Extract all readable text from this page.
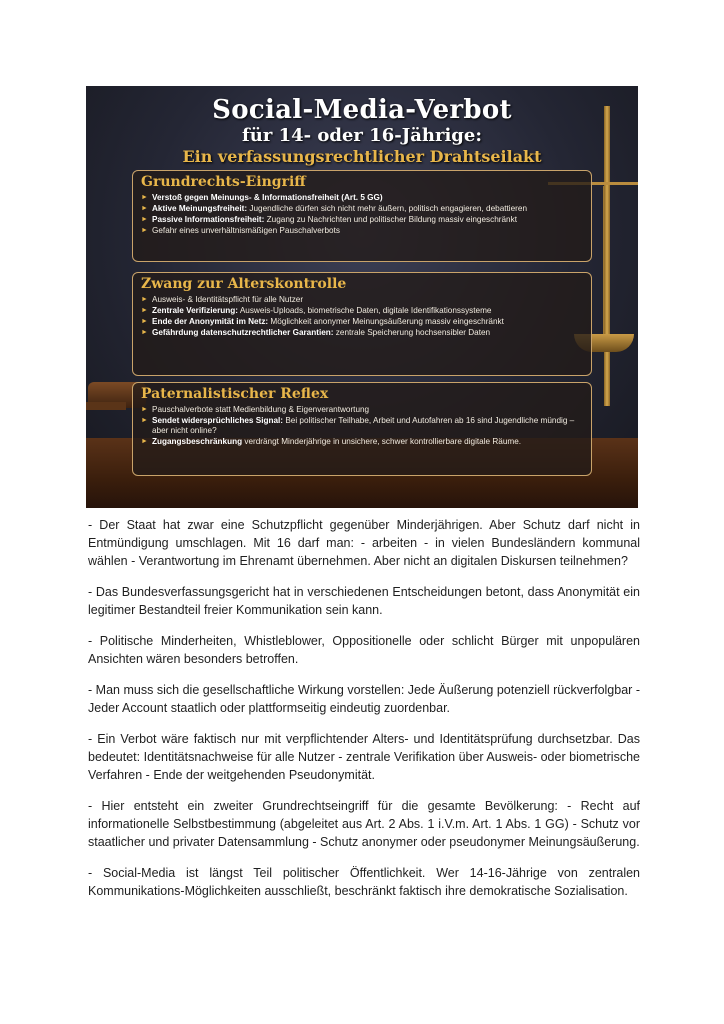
Social-Media-Verbot
für 14- oder 16-Jährige:
Ein verfassungsrechtlicher Drahtseilakt
Grundrechts-Eingriff
► Verstoß gegen Meinungs- & Informationsfreiheit (Art. 5 GG)
► Aktive Meinungsfreiheit: Jugendliche dürfen sich nicht mehr äußern, politisch engagieren, debattieren
► Passive Informationsfreiheit: Zugang zu Nachrichten und politischer Bildung massiv eingeschränkt
► Gefahr eines unverhältnismäßigen Pauschalverbots
Zwang zur Alterskontrolle
► Ausweis- & Identitätspflicht für alle Nutzer
► Zentrale Verifizierung: Ausweis-Uploads, biometrische Daten, digitale Identifikationssysteme
► Ende der Anonymität im Netz: Möglichkeit anonymer Meinungsäußerung massiv eingeschränkt
► Gefährdung datenschutzrechtlicher Garantien: zentrale Speicherung hochsensibler Daten
Paternalistischer Reflex
► Pauschalverbote statt Medienbildung & Eigenverantwortung
► Sendet widersprüchliches Signal: Bei politischer Teilhabe, Arbeit und Autofahren ab 16 sind Jugendliche mündig – aber nicht online?
► Zugangsbeschränkung verdrängt Minderjährige in unsichere, schwer kontrollierbare digitale Räume.

- Der Staat hat zwar eine Schutzpflicht gegenüber Minderjährigen. Aber Schutz darf nicht in Entmündigung umschlagen. Mit 16 darf man: - arbeiten - in vielen Bundesländern kommunal wählen - Verantwortung im Ehrenamt übernehmen. Aber nicht an digitalen Diskursen teilnehmen?

- Das Bundesverfassungsgericht hat in verschiedenen Entscheidungen betont, dass Anonymität ein legitimer Bestandteil freier Kommunikation sein kann.

- Politische Minderheiten, Whistleblower, Oppositionelle oder schlicht Bürger mit unpopulären Ansichten wären besonders betroffen.

- Man muss sich die gesellschaftliche Wirkung vorstellen: Jede Äußerung potenziell rückverfolgbar - Jeder Account staatlich oder plattformseitig eindeutig zuordenbar.

- Ein Verbot wäre faktisch nur mit verpflichtender Alters- und Identitätsprüfung durchsetzbar. Das bedeutet: Identitätsnachweise für alle Nutzer - zentrale Verifikation über Ausweis- oder biometrische Verfahren - Ende der weitgehenden Pseudonymität.

- Hier entsteht ein zweiter Grundrechtseingriff für die gesamte Bevölkerung: - Recht auf informationelle Selbstbestimmung (abgeleitet aus Art. 2 Abs. 1 i.V.m. Art. 1 Abs. 1 GG) - Schutz vor staatlicher und privater Datensammlung - Schutz anonymer oder pseudonymer Meinungsäußerung.

- Social-Media ist längst Teil politischer Öffentlichkeit. Wer 14-16-Jährige von zentralen Kommunikations-Möglichkeiten ausschließt, beschränkt faktisch ihre demokratische Sozialisation.
